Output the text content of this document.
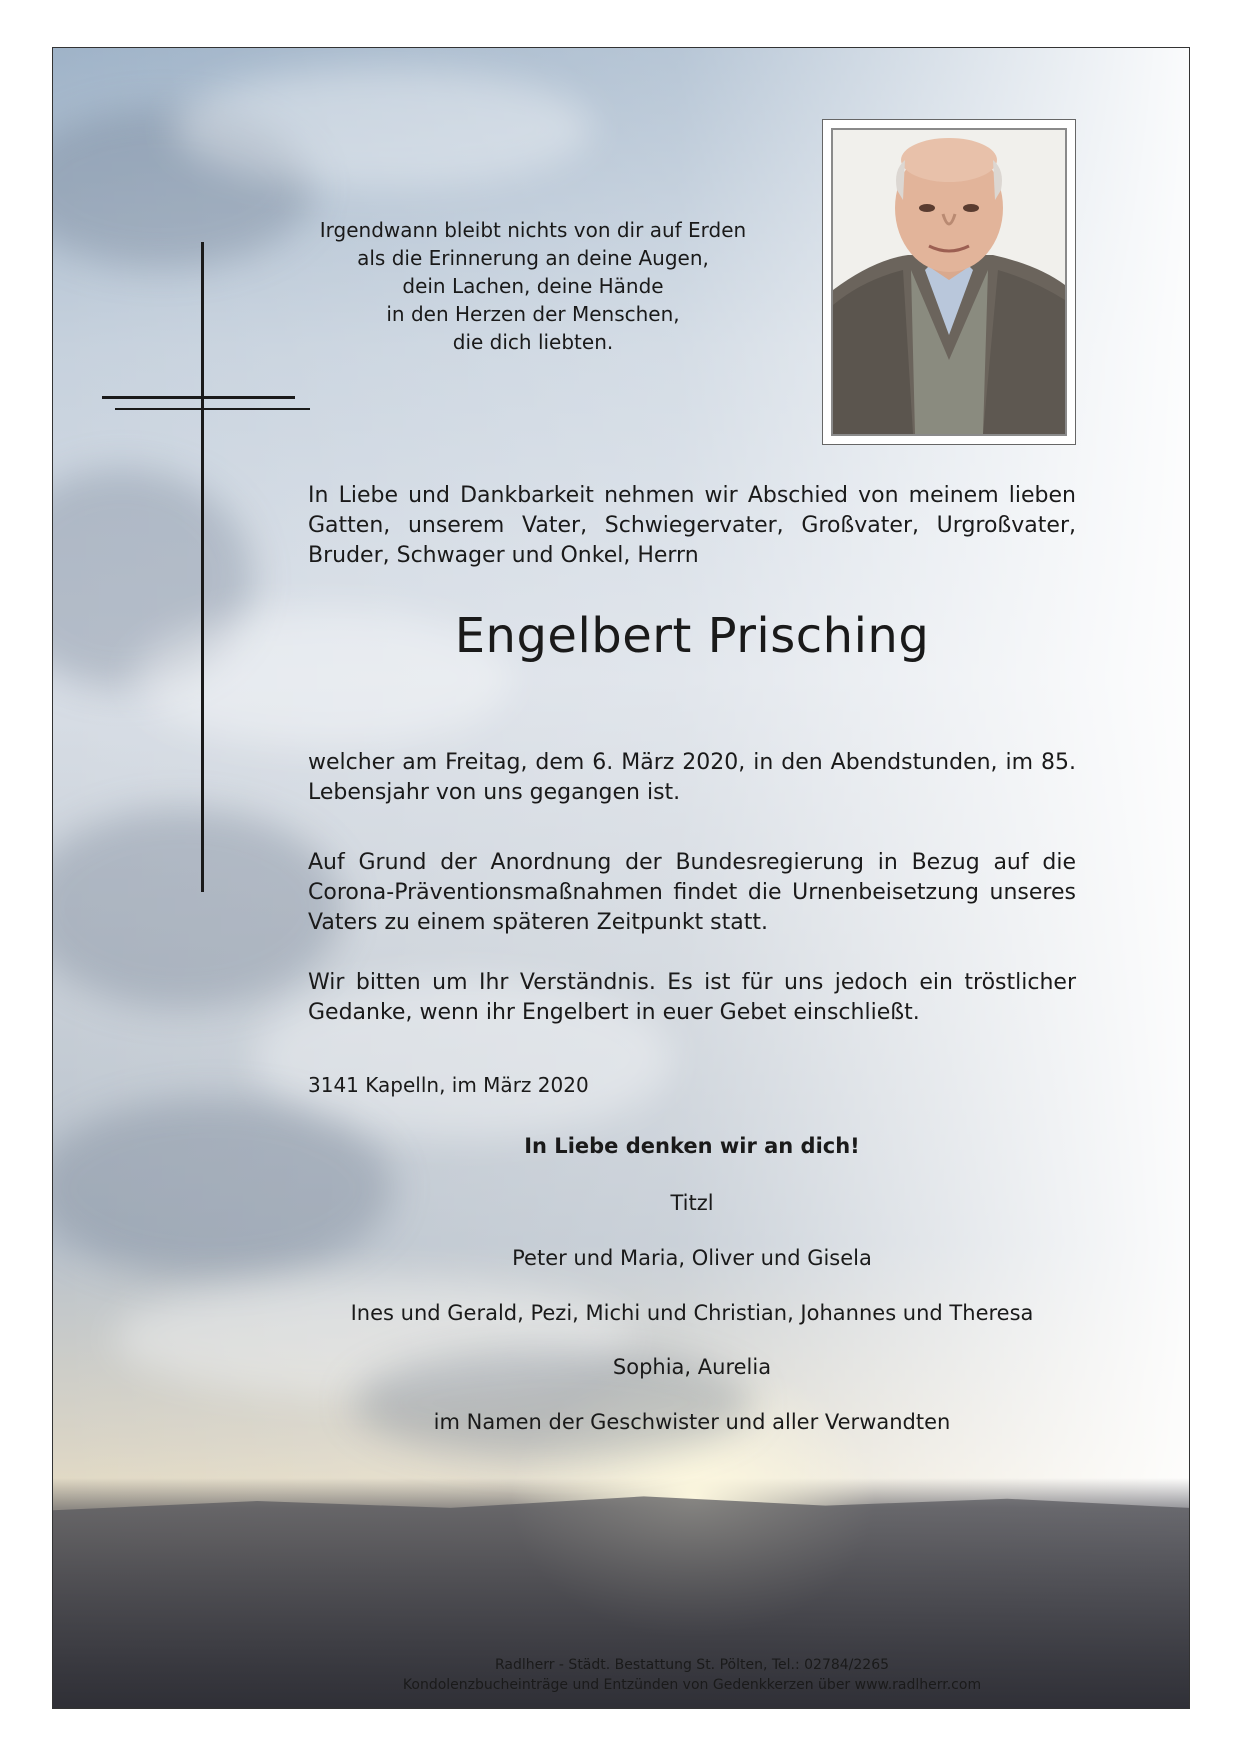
Irgendwann bleibt nichts von dir auf Erden
als die Erinnerung an deine Augen,
dein Lachen, deine Hände
in den Herzen der Menschen,
die dich liebten.
In Liebe und Dankbarkeit nehmen wir Abschied von meinem lieben Gatten, unserem Vater, Schwiegervater, Großvater, Urgroßvater, Bruder, Schwager und Onkel, Herrn
Engelbert Prisching
welcher am Freitag, dem 6. März 2020, in den Abendstunden, im 85. Lebensjahr von uns gegangen ist.
Auf Grund der Anordnung der Bundesregierung in Bezug auf die Corona-Präventionsmaßnahmen findet die Urnenbeisetzung unseres Vaters zu einem späteren Zeitpunkt statt.
Wir bitten um Ihr Verständnis. Es ist für uns jedoch ein tröstlicher Gedanke, wenn ihr Engelbert in euer Gebet einschließt.
3141 Kapelln, im März 2020
In Liebe denken wir an dich!
Titzl
Peter und Maria, Oliver und Gisela
Ines und Gerald, Pezi, Michi und Christian, Johannes und Theresa
Sophia, Aurelia
im Namen der Geschwister und aller Verwandten
Radlherr - Städt. Bestattung St. Pölten, Tel.: 02784/2265
Kondolenzbucheinträge und Entzünden von Gedenkkerzen über www.radlherr.com
